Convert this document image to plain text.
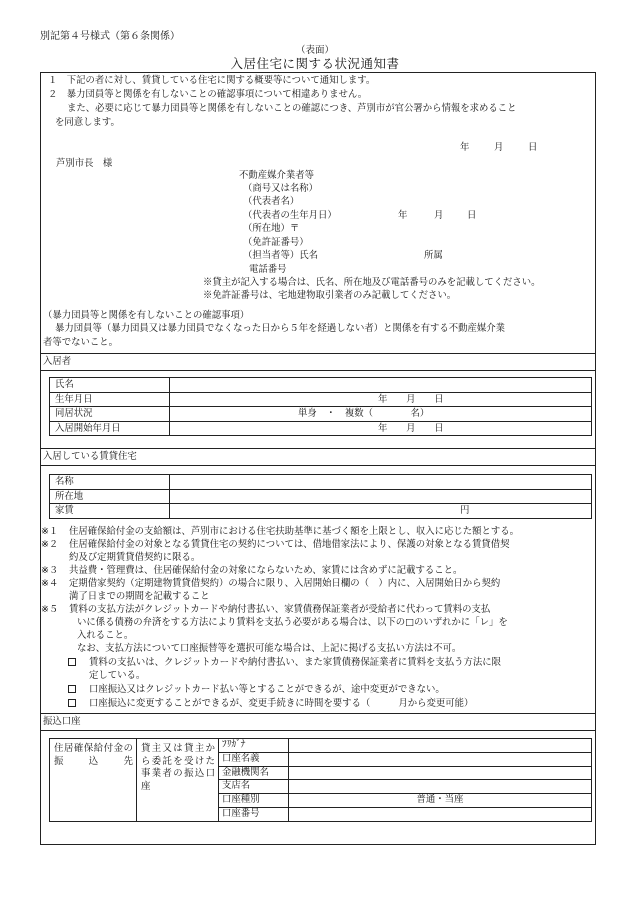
別記第４号様式（第６条関係）
（表面）
入居住宅に関する状況通知書
１　下記の者に対し、賃貸している住宅に関する概要等について通知します。
２　暴力団員等と関係を有しないことの確認事項について相違ありません。
また、必要に応じて暴力団員等と関係を有しないことの確認につき、芦別市が官公署から情報を求めること
を同意します。
年	月	日
芦別市長　様
不動産媒介業者等
（商号又は名称）
（代表者名）
（代表者の生年月日）	年	月	日
（所在地）〒
（免許証番号）
（担当者等）氏名	所属
電話番号
※貸主が記入する場合は、氏名、所在地及び電話番号のみを記載してください。
※免許証番号は、宅地建物取引業者のみ記載してください。
（暴力団員等と関係を有しないことの確認事項）
暴力団員等（暴力団員又は暴力団員でなくなった日から５年を経過しない者）と関係を有する不動産媒介業
者等でないこと。
入居者
氏名	
生年月日	年　　月　　日
同居状況	単身　・　複数（　　　　名）
入居開始年月日	年　　月　　日
入居している賃貸住宅
名称	
所在地	
家賃	円
※１ 住居確保給付金の支給額は、芦別市における住宅扶助基準に基づく額を上限とし、収入に応じた額とする。
※２ 住居確保給付金の対象となる賃貸住宅の契約については、借地借家法により、保護の対象となる賃貸借契
約及び定期賃貸借契約に限る。
※３ 共益費・管理費は、住居確保給付金の対象にならないため、家賃には含めずに記載すること。
※４ 定期借家契約（定期建物賃貸借契約）の場合に限り、入居開始日欄の（　）内に、入居開始日から契約
満了日までの期間を記載すること
※５ 賃料の支払方法がクレジットカードや納付書払い、家賃債務保証業者が受給者に代わって賃料の支払
いに係る債務の弁済をする方法により賃料を支払う必要がある場合は、以下の□のいずれかに「レ」を
入れること。
なお、支払方法について口座振替等を選択可能な場合は、上記に掲げる支払い方法は不可。
賃料の支払いは、クレジットカードや納付書払い、また家賃債務保証業者に賃料を支払う方法に限
定している。
口座振込又はクレジットカード払い等とすることができるが、途中変更ができない。
口座振込に変更することができるが、変更手続きに時間を要する（　　　月から変更可能）
振込口座
住居確保給付金の振込先	貸主又は貸主から委託を受けた事業者の振込口座	ﾌﾘｶﾞﾅ	
		口座名義	
		金融機関名	
		支店名	
		口座種別	普通・当座
		口座番号	
